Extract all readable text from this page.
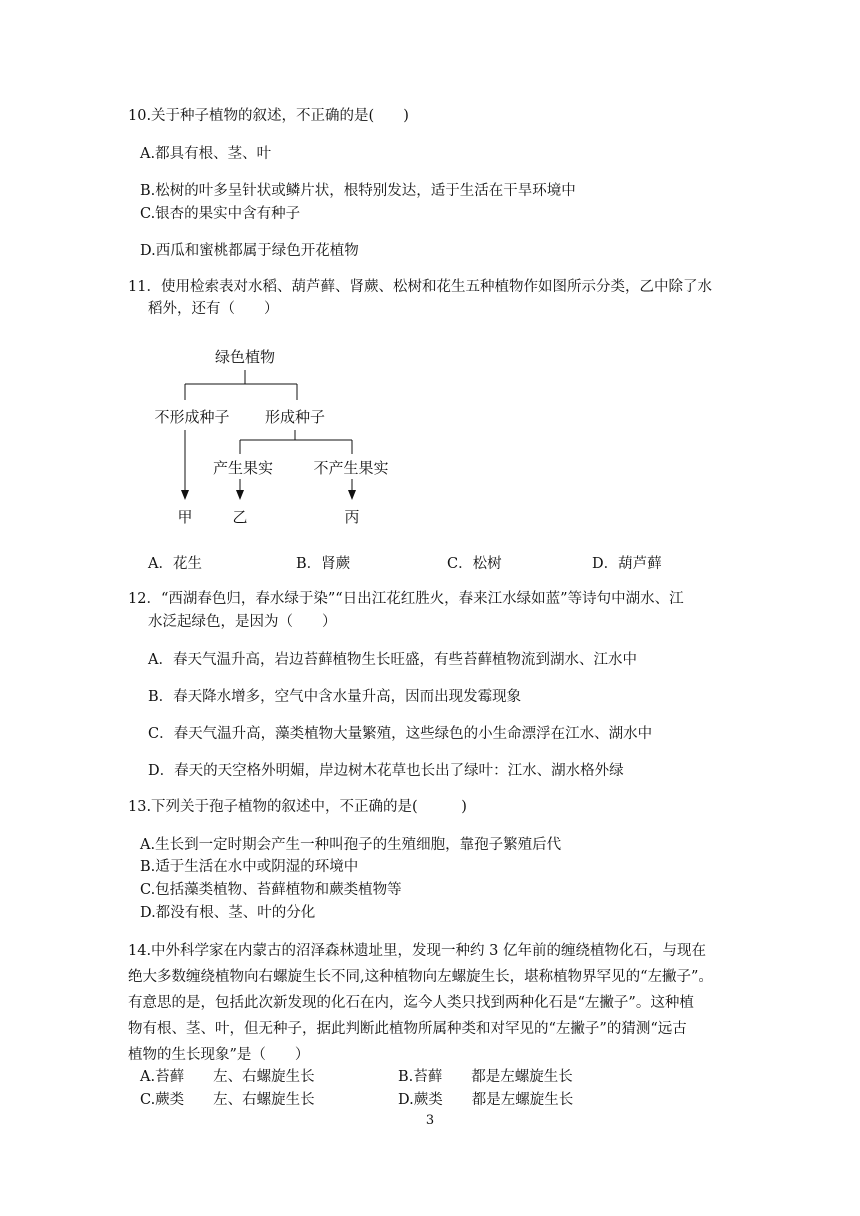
10.关于种子植物的叙述，不正确的是(　　)
A.都具有根、茎、叶
B.松树的叶多呈针状或鳞片状，根特别发达，适于生活在干旱环境中
C.银杏的果实中含有种子
D.西瓜和蜜桃都属于绿色开花植物
11．使用检索表对水稻、葫芦藓、肾蕨、松树和花生五种植物作如图所示分类，乙中除了水
稻外，还有（　　）
绿色植物
不形成种子 形成种子
产生果实	不产生果实
甲	乙	丙
A．花生	B．肾蕨	C．松树	D．葫芦藓
12．“西湖春色归，春水绿于染”“日出江花红胜火，春来江水绿如蓝”等诗句中湖水、江
水泛起绿色，是因为（　　）
A．春天气温升高，岩边苔藓植物生长旺盛，有些苔藓植物流到湖水、江水中
B．春天降水增多，空气中含水量升高，因而出现发霉现象
C．春天气温升高，藻类植物大量繁殖，这些绿色的小生命漂浮在江水、湖水中
D．春天的天空格外明媚，岸边树木花草也长出了绿叶：江水、湖水格外绿
13.下列关于孢子植物的叙述中，不正确的是(　　　)
A.生长到一定时期会产生一种叫孢子的生殖细胞，靠孢子繁殖后代
B.适于生活在水中或阴湿的环境中
C.包括藻类植物、苔藓植物和蕨类植物等
D.都没有根、茎、叶的分化
14.中外科学家在内蒙古的沼泽森林遗址里，发现一种约 3 亿年前的缠绕植物化石，与现在
绝大多数缠绕植物向右螺旋生长不同,这种植物向左螺旋生长，堪称植物界罕见的“左撇子”。
有意思的是，包括此次新发现的化石在内，迄今人类只找到两种化石是“左撇子”。这种植
物有根、茎、叶，但无种子，据此判断此植物所属种类和对罕见的“左撇子”的猜测“远古
植物的生长现象”是（　　）
A.苔藓　　左、右螺旋生长	B.苔藓　　都是左螺旋生长
C.蕨类　　左、右螺旋生长	D.蕨类　　都是左螺旋生长
3
